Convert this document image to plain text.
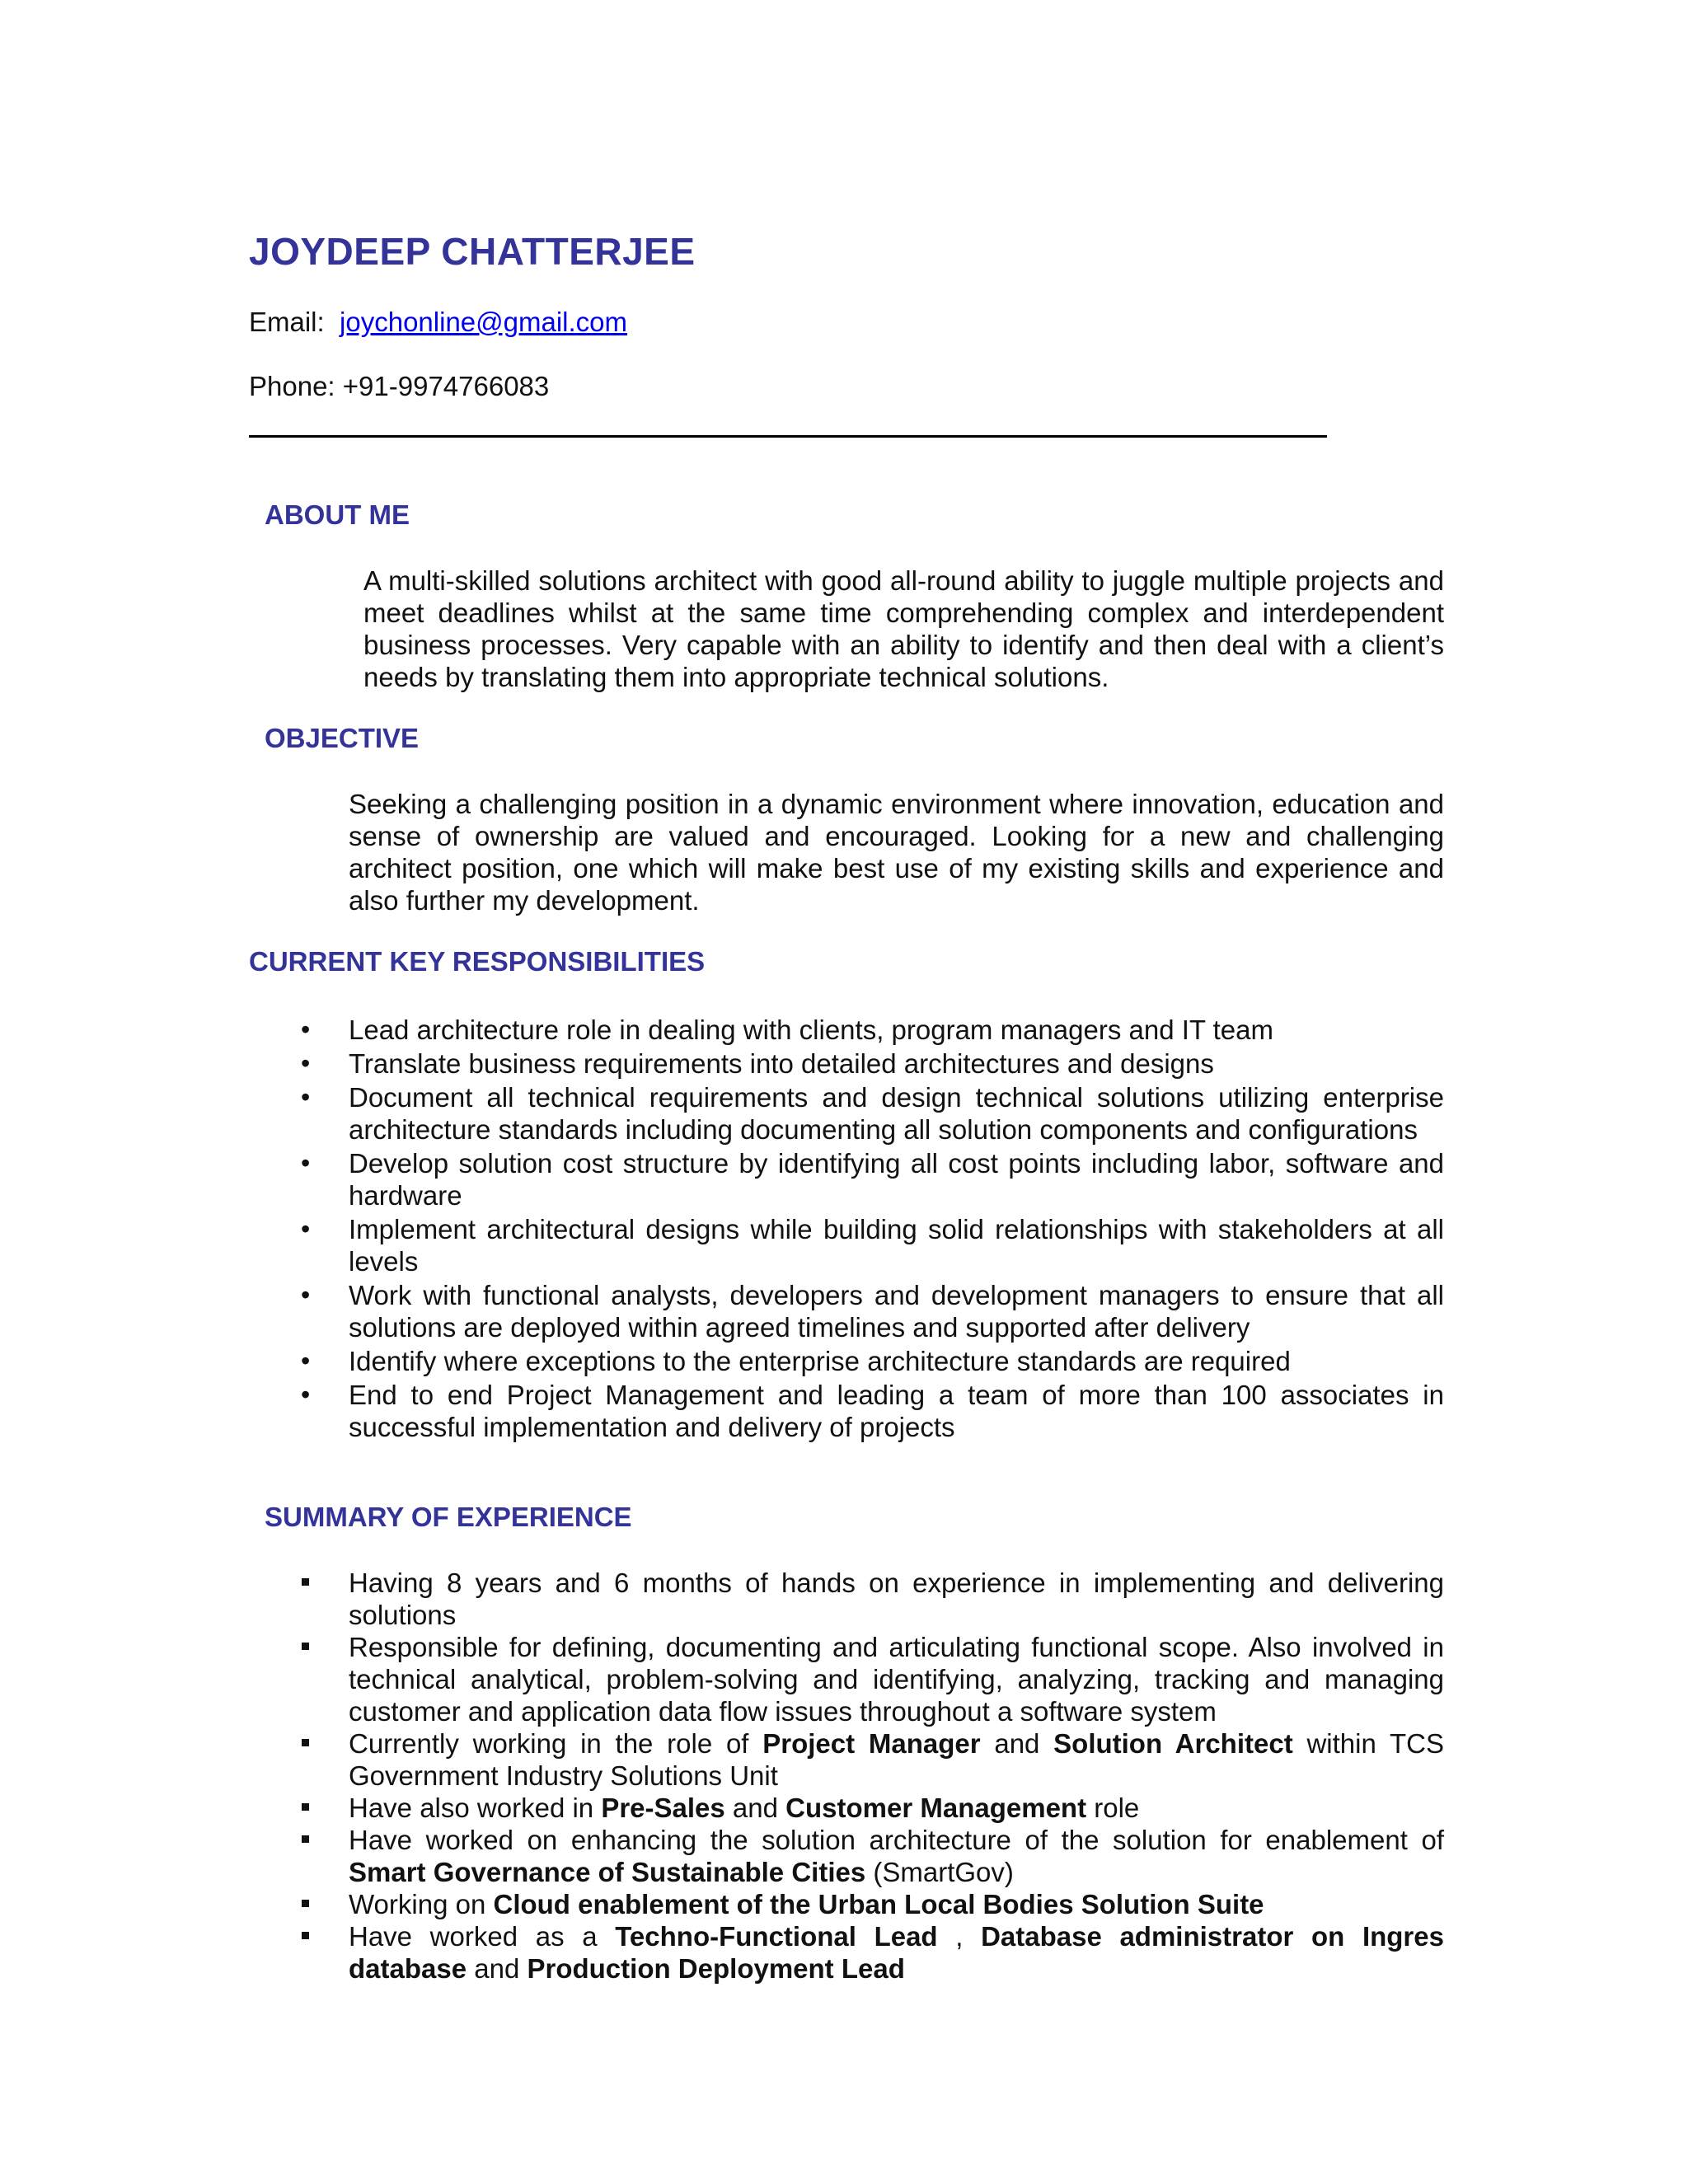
JOYDEEP CHATTERJEE

Email: joychonline@gmail.com

Phone: +91-9974766083

ABOUT ME

A multi-skilled solutions architect with good all-round ability to juggle multiple projects and meet deadlines whilst at the same time comprehending complex and interdependent business processes. Very capable with an ability to identify and then deal with a client’s needs by translating them into appropriate technical solutions.

OBJECTIVE

Seeking a challenging position in a dynamic environment where innovation, education and sense of ownership are valued and encouraged. Looking for a new and challenging architect position, one which will make best use of my existing skills and experience and also further my development.

CURRENT KEY RESPONSIBILITIES
• Lead architecture role in dealing with clients, program managers and IT team
• Translate business requirements into detailed architectures and designs
• Document all technical requirements and design technical solutions utilizing enterprise architecture standards including documenting all solution components and configurations
• Develop solution cost structure by identifying all cost points including labor, software and hardware
• Implement architectural designs while building solid relationships with stakeholders at all levels
• Work with functional analysts, developers and development managers to ensure that all solutions are deployed within agreed timelines and supported after delivery
• Identify where exceptions to the enterprise architecture standards are required
• End to end Project Management and leading a team of more than 100 associates in successful implementation and delivery of projects
SUMMARY OF EXPERIENCE
Having 8 years and 6 months of hands on experience in implementing and delivering solutions
Responsible for defining, documenting and articulating functional scope. Also involved in technical analytical, problem-solving and identifying, analyzing, tracking and managing customer and application data flow issues throughout a software system
Currently working in the role of Project Manager and Solution Architect within TCS Government Industry Solutions Unit
Have also worked in Pre-Sales and Customer Management role
Have worked on enhancing the solution architecture of the solution for enablement of Smart Governance of Sustainable Cities (SmartGov)
Working on Cloud enablement of the Urban Local Bodies Solution Suite
Have worked as a Techno-Functional Lead , Database administrator on Ingres database and Production Deployment Lead
